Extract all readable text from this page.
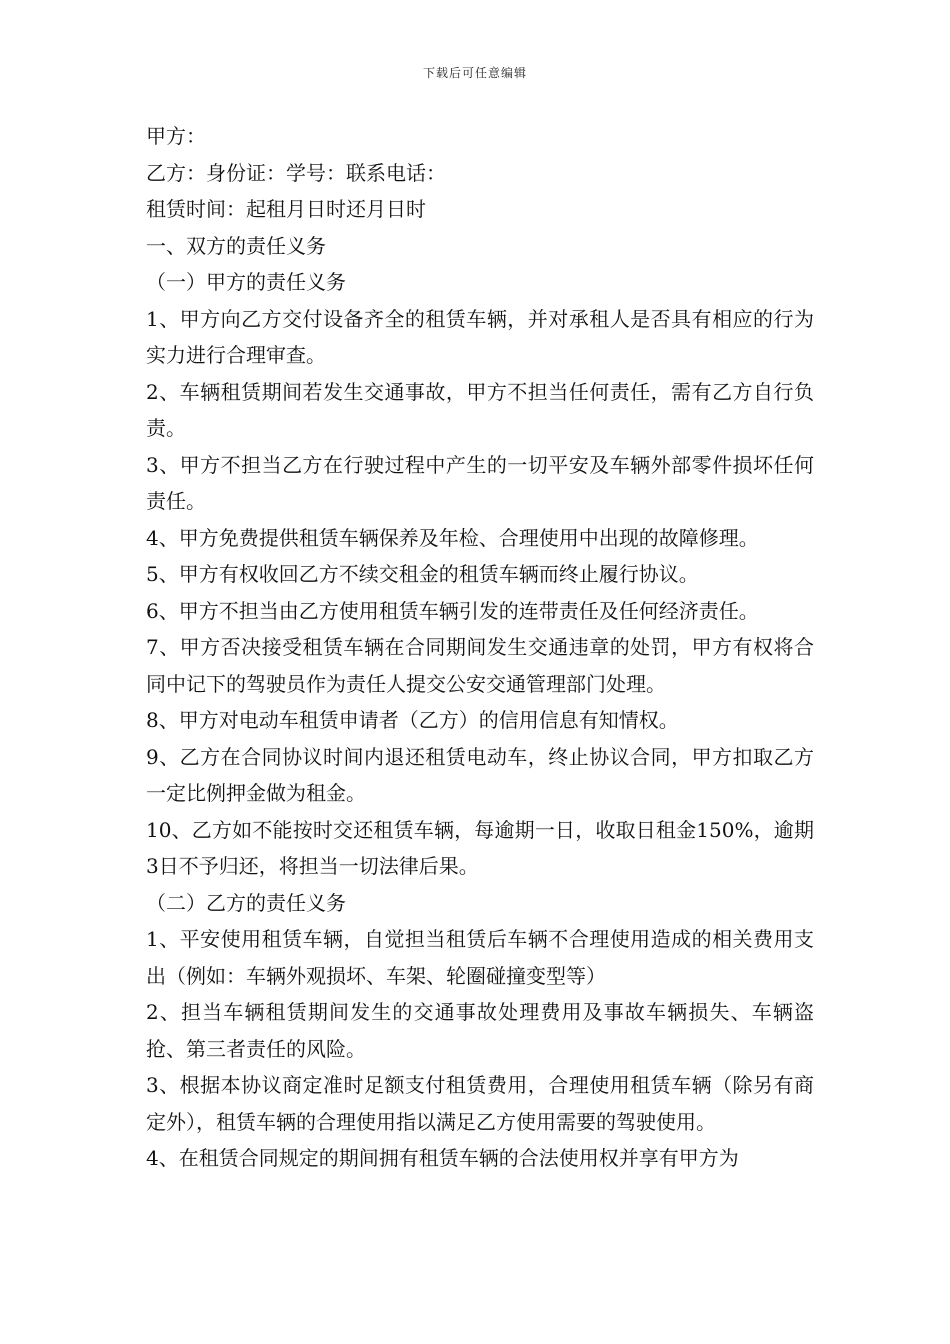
下载后可任意编辑

甲方：

乙方：身份证：学号：联系电话：

租赁时间：起租月日时还月日时

一、双方的责任义务

（一）甲方的责任义务

1、甲方向乙方交付设备齐全的租赁车辆，并对承租人是否具有相应的行为实力进行合理审查。

2、车辆租赁期间若发生交通事故，甲方不担当任何责任，需有乙方自行负责。

3、甲方不担当乙方在行驶过程中产生的一切平安及车辆外部零件损坏任何责任。

4、甲方免费提供租赁车辆保养及年检、合理使用中出现的故障修理。

5、甲方有权收回乙方不续交租金的租赁车辆而终止履行协议。

6、甲方不担当由乙方使用租赁车辆引发的连带责任及任何经济责任。

7、甲方否决接受租赁车辆在合同期间发生交通违章的处罚，甲方有权将合同中记下的驾驶员作为责任人提交公安交通管理部门处理。

8、甲方对电动车租赁申请者（乙方）的信用信息有知情权。

9、乙方在合同协议时间内退还租赁电动车，终止协议合同，甲方扣取乙方一定比例押金做为租金。

10、乙方如不能按时交还租赁车辆，每逾期一日，收取日租金150%，逾期3日不予归还，将担当一切法律后果。

（二）乙方的责任义务

1、平安使用租赁车辆，自觉担当租赁后车辆不合理使用造成的相关费用支出（例如：车辆外观损坏、车架、轮圈碰撞变型等）

2、担当车辆租赁期间发生的交通事故处理费用及事故车辆损失、车辆盗抢、第三者责任的风险。

3、根据本协议商定准时足额支付租赁费用，合理使用租赁车辆（除另有商定外），租赁车辆的合理使用指以满足乙方使用需要的驾驶使用。

4、在租赁合同规定的期间拥有租赁车辆的合法使用权并享有甲方为
